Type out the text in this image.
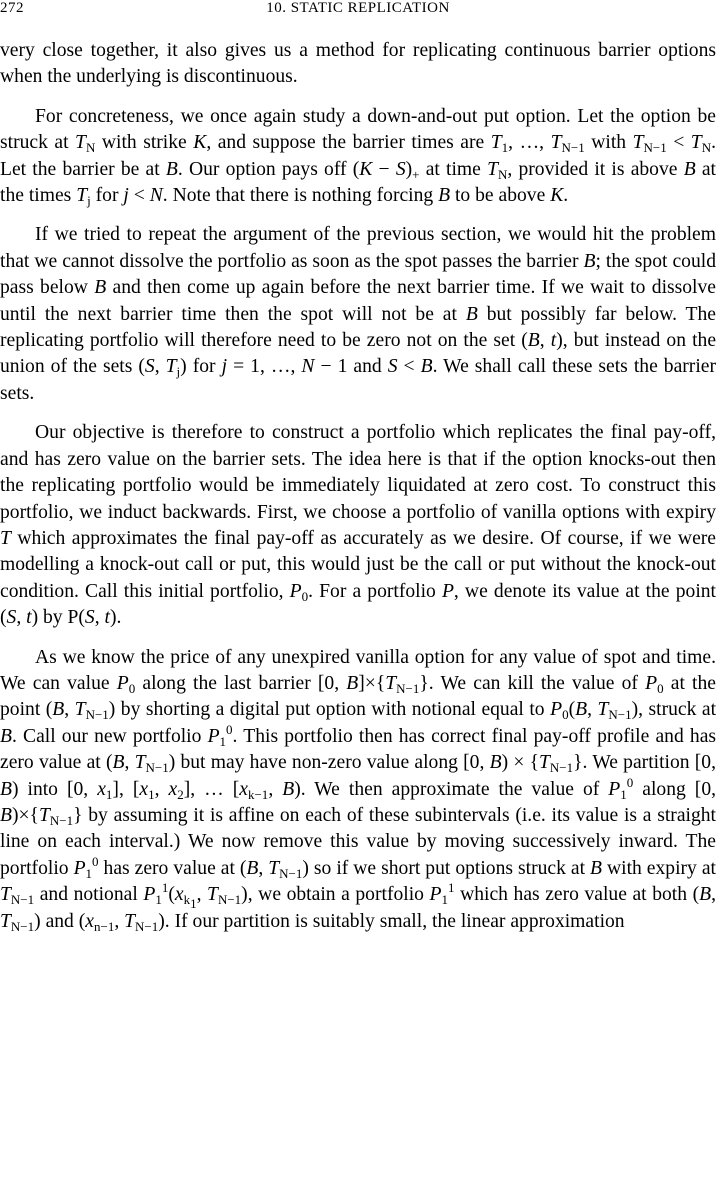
272	10. STATIC REPLICATION

very close together, it also gives us a method for replicating continuous barrier options when the underlying is discontinuous.

For concreteness, we once again study a down-and-out put option. Let the option be struck at $T_N$ with strike K, and suppose the barrier times are $T_1$, …, $T_{N-1}$ with $T_{N-1} < T_N$. Let the barrier be at B. Our option pays off $(K - S)_+$ at time $T_N$, provided it is above B at the times $T_j$ for j < N. Note that there is nothing forcing B to be above K.

If we tried to repeat the argument of the previous section, we would hit the problem that we cannot dissolve the portfolio as soon as the spot passes the barrier B; the spot could pass below B and then come up again before the next barrier time. If we wait to dissolve until the next barrier time then the spot will not be at B but possibly far below. The replicating portfolio will therefore need to be zero not on the set (B, t), but instead on the union of the sets (S, $T_j$) for j = 1, …, N − 1 and S < B. We shall call these sets the barrier sets.

Our objective is therefore to construct a portfolio which replicates the final pay-off, and has zero value on the barrier sets. The idea here is that if the option knocks-out then the replicating portfolio would be immediately liquidated at zero cost. To construct this portfolio, we induct backwards. First, we choose a portfolio of vanilla options with expiry T which approximates the final pay-off as accurately as we desire. Of course, if we were modelling a knock-out call or put, this would just be the call or put without the knock-out condition. Call this initial portfolio, $P_0$. For a portfolio P, we denote its value at the point (S, t) by P(S, t).

As we know the price of any unexpired vanilla option for any value of spot and time. We can value $P_0$ along the last barrier [0, $B]\times\{T_{N-1}\}$. We can kill the value of $P_0$ at the point (B, $T_{N-1}$) by shorting a digital put option with notional equal to $P_0(B$, $T_{N-1}$), struck at B. Call our new portfolio $P_1^0$. This portfolio then has correct final pay-off profile and has zero value at (B, $T_{N-1}$) but may have non-zero value along [0, $B) \times \{T_{N-1}\}$. We partition [0, B) into [0, $x_1$], [$x_1$, $x_2$], … [$x_{k-1}$, B). We then approximate the value of $P_1^0$ along [0, $B)\times\{T_{N-1}\}$ by assuming it is affine on each of these subintervals (i.e. its value is a straight line on each interval.) We now remove this value by moving successively inward. The portfolio $P_1^0$ has zero value at (B, $T_{N-1}$) so if we short put options struck at B with expiry at $T_{N-1}$ and notional $P_1^1(x_{k_1}$, $T_{N-1}$), we obtain a portfolio $P_1^1$ which has zero value at both (B, $T_{N-1}$) and ($x_{n-1}$, $T_{N-1}$). If our partition is suitably small, the linear approximation
